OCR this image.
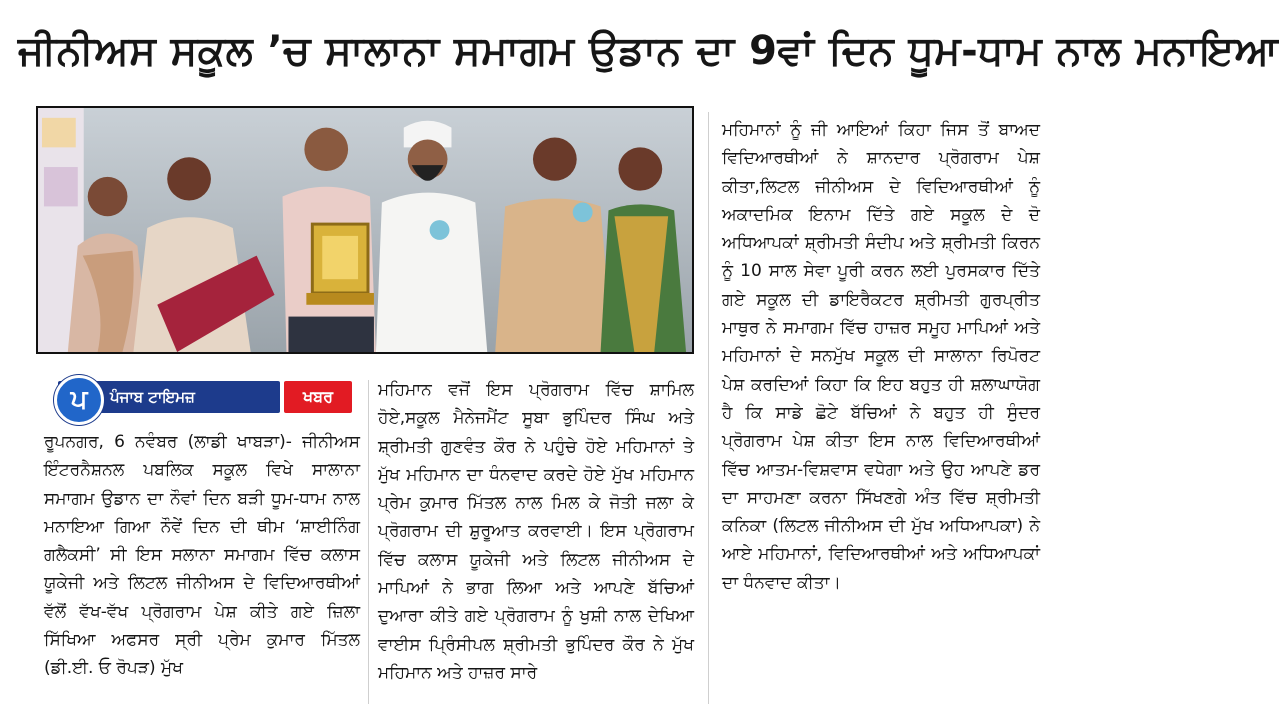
ਜੀਨੀਅਸ ਸਕੂਲ ’ਚ ਸਾਲਾਨਾ ਸਮਾਗਮ ਉਡਾਨ ਦਾ 9ਵਾਂ ਦਿਨ ਧੂਮ-ਧਾਮ ਨਾਲ ਮਨਾਇਆ
ਪ	ਪੰਜਾਬ ਟਾਇਮਜ਼	ਖਬਰ
ਰੂਪਨਗਰ, 6 ਨਵੰਬਰ (ਲਾਡੀ ਖਾਬੜਾ)- ਜੀਨੀਅਸ ਇੰਟਰਨੈਸ਼ਨਲ ਪਬਲਿਕ ਸਕੂਲ ਵਿਖੇ ਸਾਲਾਨਾ ਸਮਾਗਮ ਉਡਾਨ ਦਾ ਨੌਵਾਂ ਦਿਨ ਬੜੀ ਧੂਮ-ਧਾਮ ਨਾਲ ਮਨਾਇਆ ਗਿਆ ਨੌਵੇਂ ਦਿਨ ਦੀ ਥੀਮ ‘ਸ਼ਾਈਨਿੰਗ ਗਲੈਕਸੀ’ ਸੀ ਇਸ ਸਲਾਨਾ ਸਮਾਗਮ ਵਿੱਚ ਕਲਾਸ ਯੂਕੇਜੀ ਅਤੇ ਲਿਟਲ ਜੀਨੀਅਸ ਦੇ ਵਿਦਿਆਰਥੀਆਂ ਵੱਲੋਂ ਵੱਖ-ਵੱਖ ਪ੍ਰੋਗਰਾਮ ਪੇਸ਼ ਕੀਤੇ ਗਏ ਜ਼ਿਲਾ ਸਿੱਖਿਆ ਅਫਸਰ ਸ੍ਰੀ ਪ੍ਰੇਮ ਕੁਮਾਰ ਮਿੱਤਲ (ਡੀ.ਈ. ਓ ਰੋਪੜ) ਮੁੱਖ
ਮਹਿਮਾਨ ਵਜੋਂ ਇਸ ਪ੍ਰੋਗਰਾਮ ਵਿੱਚ ਸ਼ਾਮਿਲ ਹੋਏ,ਸਕੂਲ ਮੈਨੇਜਮੈਂਟ ਸੂਬਾ ਭੁਪਿੰਦਰ ਸਿੰਘ ਅਤੇ ਸ਼੍ਰੀਮਤੀ ਗੁਣਵੰਤ ਕੌਰ ਨੇ ਪਹੁੰਚੇ ਹੋਏ ਮਹਿਮਾਨਾਂ ਤੇ ਮੁੱਖ ਮਹਿਮਾਨ ਦਾ ਧੰਨਵਾਦ ਕਰਦੇ ਹੋਏ ਮੁੱਖ ਮਹਿਮਾਨ ਪ੍ਰੇਮ ਕੁਮਾਰ ਮਿੱਤਲ ਨਾਲ ਮਿਲ ਕੇ ਜੋਤੀ ਜਲਾ ਕੇ ਪ੍ਰੋਗਰਾਮ ਦੀ ਸ਼ੁਰੂਆਤ ਕਰਵਾਈ। ਇਸ ਪ੍ਰੋਗਰਾਮ ਵਿੱਚ ਕਲਾਸ ਯੂਕੇਜੀ ਅਤੇ ਲਿਟਲ ਜੀਨੀਅਸ ਦੇ ਮਾਪਿਆਂ ਨੇ ਭਾਗ ਲਿਆ ਅਤੇ ਆਪਣੇ ਬੱਚਿਆਂ ਦੁਆਰਾ ਕੀਤੇ ਗਏ ਪ੍ਰੋਗਰਾਮ ਨੂੰ ਖੁਸ਼ੀ ਨਾਲ ਦੇਖਿਆ ਵਾਈਸ ਪ੍ਰਿੰਸੀਪਲ ਸ਼੍ਰੀਮਤੀ ਭੁਪਿੰਦਰ ਕੌਰ ਨੇ ਮੁੱਖ ਮਹਿਮਾਨ ਅਤੇ ਹਾਜ਼ਰ ਸਾਰੇ
ਮਹਿਮਾਨਾਂ ਨੂੰ ਜੀ ਆਇਆਂ ਕਿਹਾ ਜਿਸ ਤੋਂ ਬਾਅਦ ਵਿਦਿਆਰਥੀਆਂ ਨੇ ਸ਼ਾਨਦਾਰ ਪ੍ਰੋਗਰਾਮ ਪੇਸ਼ ਕੀਤਾ,ਲਿਟਲ ਜੀਨੀਅਸ ਦੇ ਵਿਦਿਆਰਥੀਆਂ ਨੂੰ ਅਕਾਦਮਿਕ ਇਨਾਮ ਦਿੱਤੇ ਗਏ ਸਕੂਲ ਦੇ ਦੋ ਅਧਿਆਪਕਾਂ ਸ਼੍ਰੀਮਤੀ ਸੰਦੀਪ ਅਤੇ ਸ਼੍ਰੀਮਤੀ ਕਿਰਨ ਨੂੰ 10 ਸਾਲ ਸੇਵਾ ਪੂਰੀ ਕਰਨ ਲਈ ਪੁਰਸਕਾਰ ਦਿੱਤੇ ਗਏ ਸਕੂਲ ਦੀ ਡਾਇਰੈਕਟਰ ਸ਼੍ਰੀਮਤੀ ਗੁਰਪ੍ਰੀਤ ਮਾਥੁਰ ਨੇ ਸਮਾਗਮ ਵਿੱਚ ਹਾਜ਼ਰ ਸਮੂਹ ਮਾਪਿਆਂ ਅਤੇ ਮਹਿਮਾਨਾਂ ਦੇ ਸਨਮੁੱਖ ਸਕੂਲ ਦੀ ਸਾਲਾਨਾ ਰਿਪੋਰਟ ਪੇਸ਼ ਕਰਦਿਆਂ ਕਿਹਾ ਕਿ ਇਹ ਬਹੁਤ ਹੀ ਸ਼ਲਾਘਾਯੋਗ ਹੈ ਕਿ ਸਾਡੇ ਛੋਟੇ ਬੱਚਿਆਂ ਨੇ ਬਹੁਤ ਹੀ ਸੁੰਦਰ ਪ੍ਰੋਗਰਾਮ ਪੇਸ਼ ਕੀਤਾ ਇਸ ਨਾਲ ਵਿਦਿਆਰਥੀਆਂ ਵਿੱਚ ਆਤਮ-ਵਿਸ਼ਵਾਸ ਵਧੇਗਾ ਅਤੇ ਉਹ ਆਪਣੇ ਡਰ ਦਾ ਸਾਹਮਣਾ ਕਰਨਾ ਸਿੱਖਣਗੇ ਅੰਤ ਵਿੱਚ ਸ਼੍ਰੀਮਤੀ ਕਨਿਕਾ (ਲਿਟਲ ਜੀਨੀਅਸ ਦੀ ਮੁੱਖ ਅਧਿਆਪਕਾ) ਨੇ ਆਏ ਮਹਿਮਾਨਾਂ, ਵਿਦਿਆਰਥੀਆਂ ਅਤੇ ਅਧਿਆਪਕਾਂ ਦਾ ਧੰਨਵਾਦ ਕੀਤਾ।
